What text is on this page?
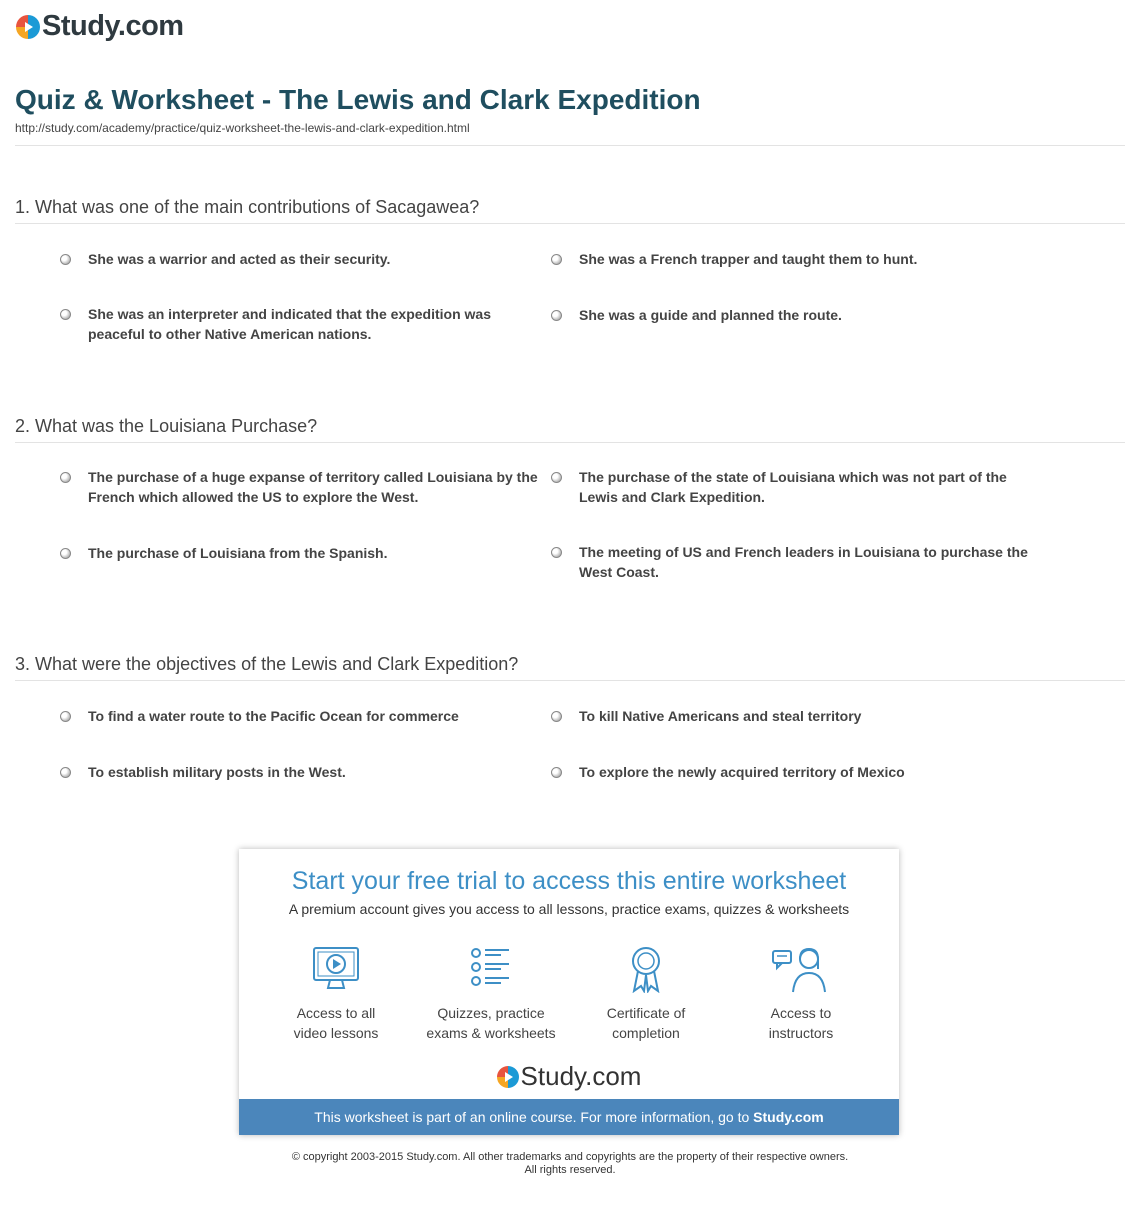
Study.com
Quiz & Worksheet - The Lewis and Clark Expedition
http://study.com/academy/practice/quiz-worksheet-the-lewis-and-clark-expedition.html
1. What was one of the main contributions of Sacagawea?
She was a warrior and acted as their security.	She was a French trapper and taught them to hunt.
She was an interpreter and indicated that the expedition was peaceful to other Native American nations.
She was a guide and planned the route.
2. What was the Louisiana Purchase?
The purchase of a huge expanse of territory called Louisiana by the French which allowed the US to explore the West.
The purchase of the state of Louisiana which was not part of the Lewis and Clark Expedition.
The purchase of Louisiana from the Spanish.	The meeting of US and French leaders in Louisiana to purchase the West Coast.
3. What were the objectives of the Lewis and Clark Expedition?
To find a water route to the Pacific Ocean for commerce	To kill Native Americans and steal territory
To establish military posts in the West.	To explore the newly acquired territory of Mexico
Start your free trial to access this entire worksheet
A premium account gives you access to all lessons, practice exams, quizzes & worksheets
Access to all
video lessons
Quizzes, practice
exams & worksheets
Certificate of
completion
Access to
instructors
Study.com
This worksheet is part of an online course. For more information, go to Study.com
© copyright 2003-2015 Study.com. All other trademarks and copyrights are the property of their respective owners.
All rights reserved.
